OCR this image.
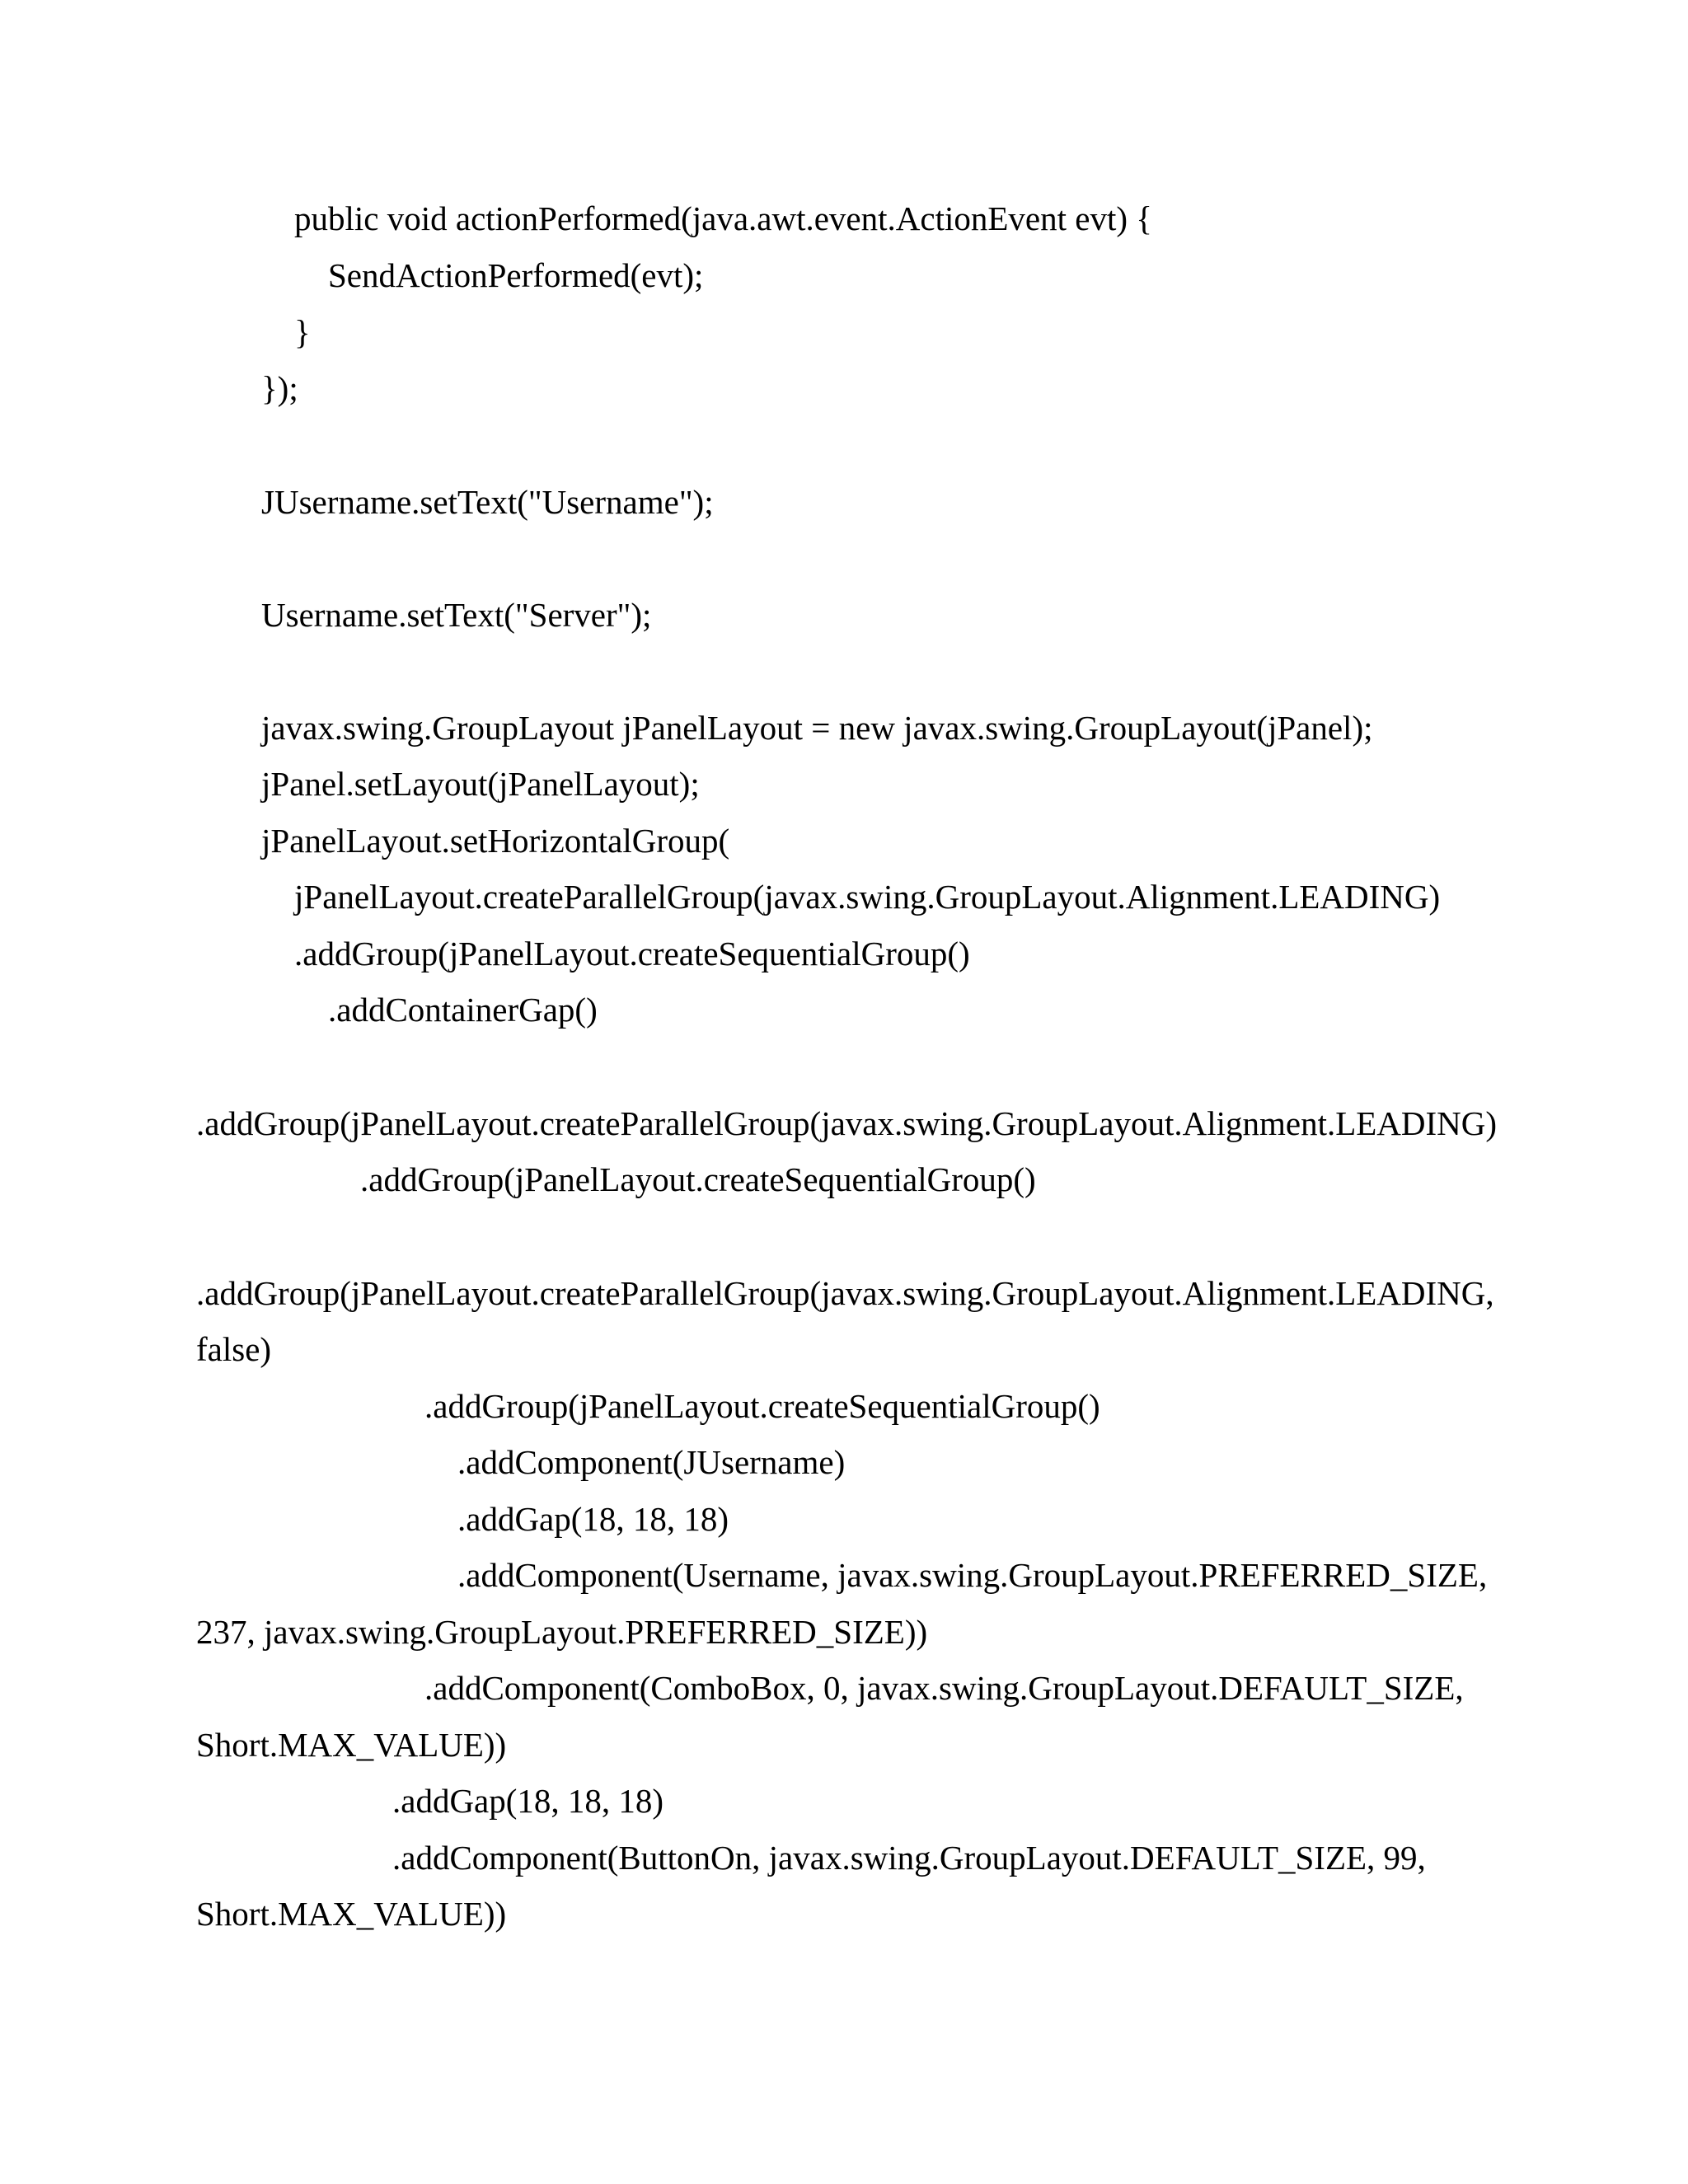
public void actionPerformed(java.awt.event.ActionEvent evt) {

SendActionPerformed(evt);

}

});

JUsername.setText("Username");

Username.setText("Server");

javax.swing.GroupLayout jPanelLayout = new javax.swing.GroupLayout(jPanel);

jPanel.setLayout(jPanelLayout);

jPanelLayout.setHorizontalGroup(

jPanelLayout.createParallelGroup(javax.swing.GroupLayout.Alignment.LEADING)

.addGroup(jPanelLayout.createSequentialGroup()

.addContainerGap()

.addGroup(jPanelLayout.createParallelGroup(javax.swing.GroupLayout.Alignment.LEADING)

.addGroup(jPanelLayout.createSequentialGroup()

.addGroup(jPanelLayout.createParallelGroup(javax.swing.GroupLayout.Alignment.LEADING,

false)

.addGroup(jPanelLayout.createSequentialGroup()

.addComponent(JUsername)

.addGap(18, 18, 18)

.addComponent(Username, javax.swing.GroupLayout.PREFERRED_SIZE,

237, javax.swing.GroupLayout.PREFERRED_SIZE))

.addComponent(ComboBox, 0, javax.swing.GroupLayout.DEFAULT_SIZE,

Short.MAX_VALUE))

.addGap(18, 18, 18)

.addComponent(ButtonOn, javax.swing.GroupLayout.DEFAULT_SIZE, 99,

Short.MAX_VALUE))
